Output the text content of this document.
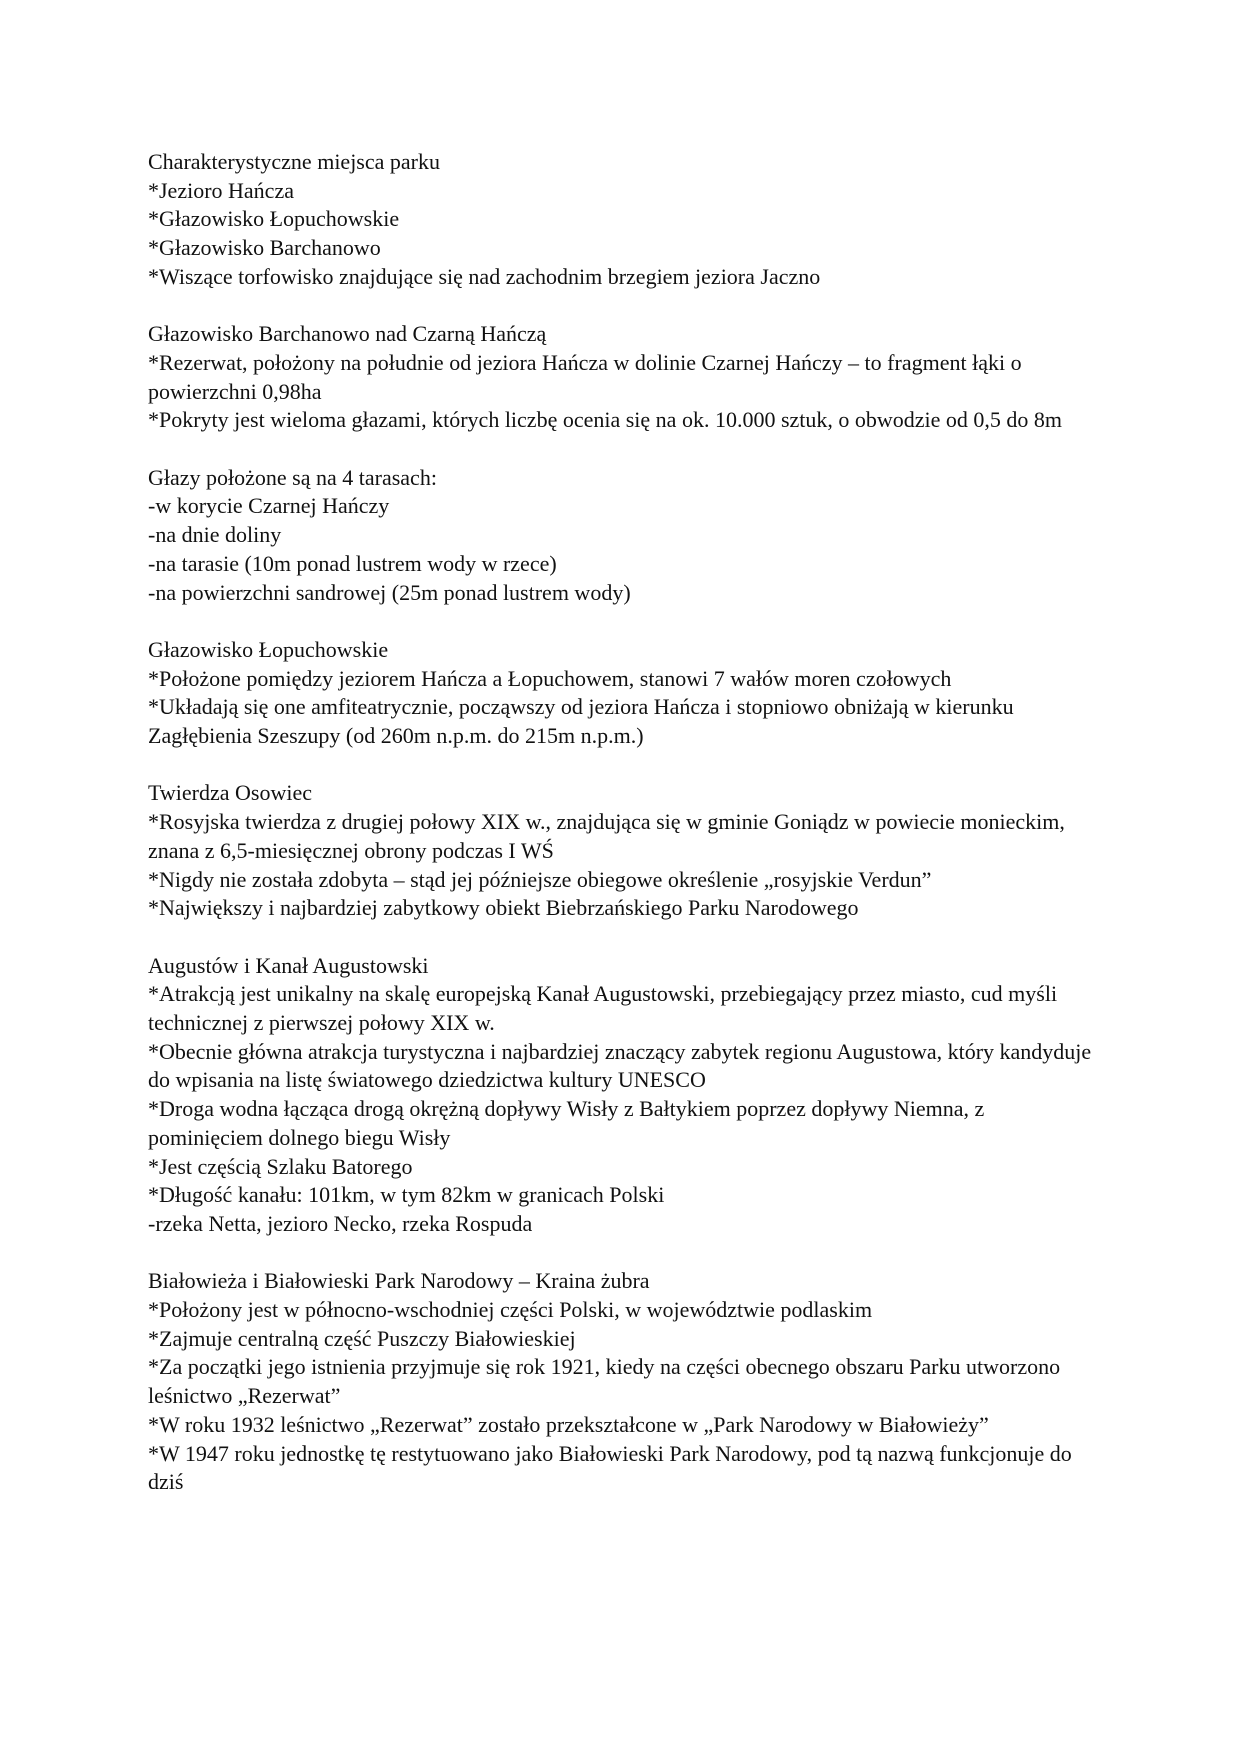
Charakterystyczne miejsca parku
*Jezioro Hańcza
*Głazowisko Łopuchowskie
*Głazowisko Barchanowo
*Wiszące torfowisko znajdujące się nad zachodnim brzegiem jeziora Jaczno
Głazowisko Barchanowo nad Czarną Hańczą
*Rezerwat, położony na południe od jeziora Hańcza w dolinie Czarnej Hańczy – to fragment łąki o powierzchni 0,98ha
*Pokryty jest wieloma głazami, których liczbę ocenia się na ok. 10.000 sztuk, o obwodzie od 0,5 do 8m
Głazy położone są na 4 tarasach:
-w korycie Czarnej Hańczy
-na dnie doliny
-na tarasie (10m ponad lustrem wody w rzece)
-na powierzchni sandrowej (25m ponad lustrem wody)
Głazowisko Łopuchowskie
*Położone pomiędzy jeziorem Hańcza a Łopuchowem, stanowi 7 wałów moren czołowych
*Układają się one amfiteatrycznie, począwszy od jeziora Hańcza i stopniowo obniżają w kierunku Zagłębienia Szeszupy (od 260m n.p.m. do 215m n.p.m.)
Twierdza Osowiec
*Rosyjska twierdza z drugiej połowy XIX w., znajdująca się w gminie Goniądz w powiecie monieckim, znana z 6,5-miesięcznej obrony podczas I WŚ
*Nigdy nie została zdobyta – stąd jej późniejsze obiegowe określenie „rosyjskie Verdun”
*Największy i najbardziej zabytkowy obiekt Biebrzańskiego Parku Narodowego
Augustów i Kanał Augustowski
*Atrakcją jest unikalny na skalę europejską Kanał Augustowski, przebiegający przez miasto, cud myśli technicznej z pierwszej połowy XIX w.
*Obecnie główna atrakcja turystyczna i najbardziej znaczący zabytek regionu Augustowa, który kandyduje do wpisania na listę światowego dziedzictwa kultury UNESCO
*Droga wodna łącząca drogą okrężną dopływy Wisły z Bałtykiem poprzez dopływy Niemna, z pominięciem dolnego biegu Wisły
*Jest częścią Szlaku Batorego
*Długość kanału: 101km, w tym 82km w granicach Polski
-rzeka Netta, jezioro Necko, rzeka Rospuda
Białowieża i Białowieski Park Narodowy – Kraina żubra
*Położony jest w północno-wschodniej części Polski, w województwie podlaskim
*Zajmuje centralną część Puszczy Białowieskiej
*Za początki jego istnienia przyjmuje się rok 1921, kiedy na części obecnego obszaru Parku utworzono leśnictwo „Rezerwat”
*W roku 1932 leśnictwo „Rezerwat” zostało przekształcone w „Park Narodowy w Białowieży”
*W 1947 roku jednostkę tę restytuowano jako Białowieski Park Narodowy, pod tą nazwą funkcjonuje do dziś
